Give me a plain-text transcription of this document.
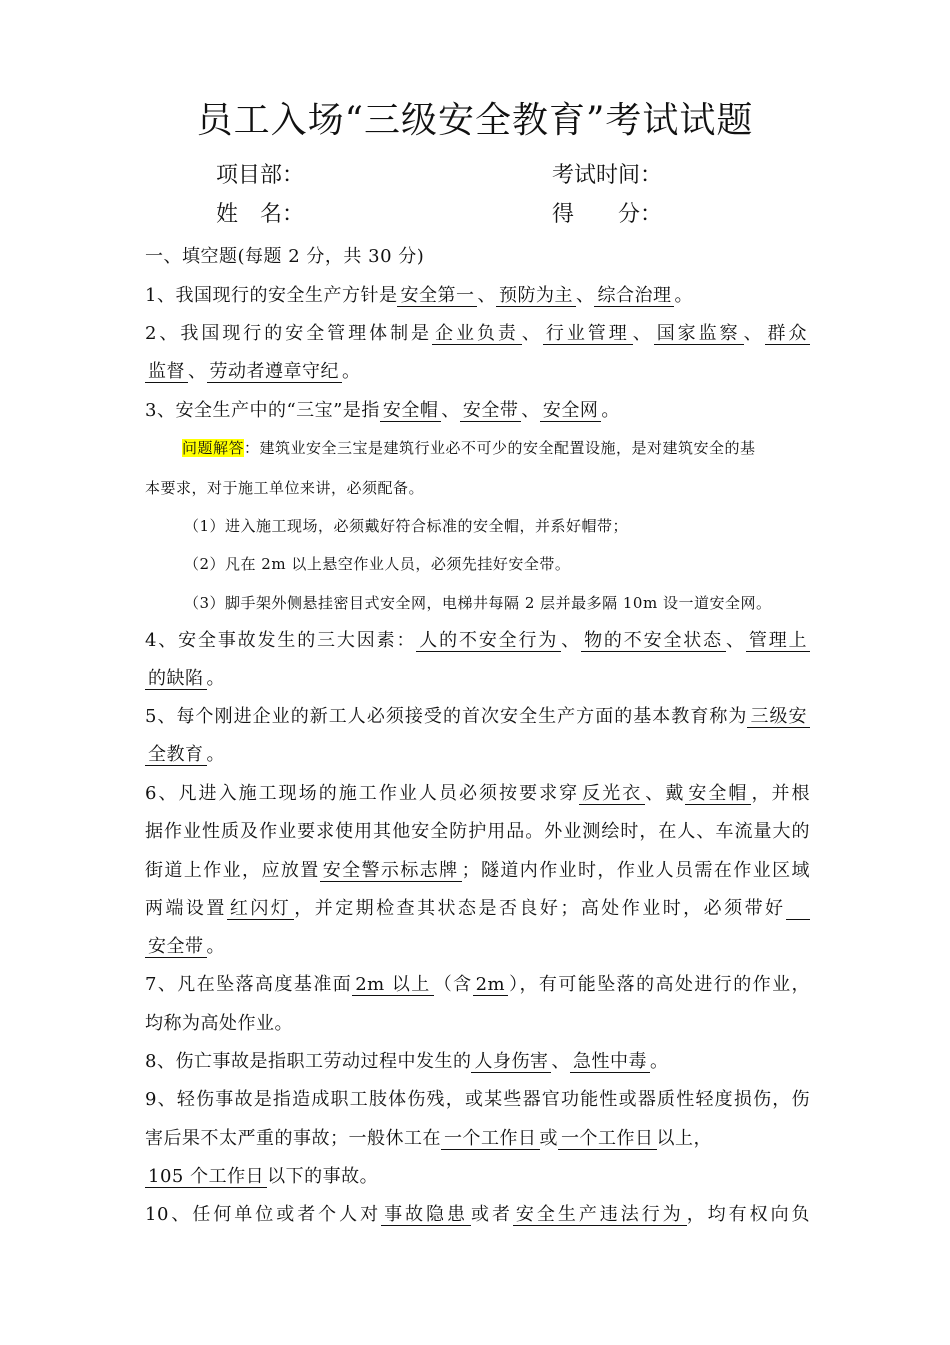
员工入场“三级安全教育”考试试题
项目部：	考试时间：
姓　名：	得　　分：
一、填空题(每题 2 分，共 30 分)
1、我国现行的安全生产方针是 安全第一 、 预防为主 、 综合治理 。
2、我国现行的安全管理体制是 企业负责 、 行业管理 、 国家监察 、 群众
监督 、 劳动者遵章守纪 。
3、安全生产中的“三宝”是指 安全帽 、 安全带 、 安全网 。
问题解答：建筑业安全三宝是建筑行业必不可少的安全配置设施，是对建筑安全的基
本要求，对于施工单位来讲，必须配备。
（1）进入施工现场，必须戴好符合标准的安全帽，并系好帽带；
（2）凡在 2m 以上悬空作业人员，必须先挂好安全带。
（3）脚手架外侧悬挂密目式安全网，电梯井每隔 2 层并最多隔 10m 设一道安全网。
4、安全事故发生的三大因素： 人的不安全行为 、 物的不安全状态 、 管理上
的缺陷 。
5、每个刚进企业的新工人必须接受的首次安全生产方面的基本教育称为 三级安
全教育 。
6、凡进入施工现场的施工作业人员必须按要求穿 反光衣 、戴 安全帽 ，并根
据作业性质及作业要求使用其他安全防护用品。外业测绘时，在人、车流量大的
街道上作业，应放置 安全警示标志牌 ；隧道内作业时，作业人员需在作业区域
两端设置 红闪灯 ，并定期检查其状态是否良好；高处作业时，必须带好 
安全带 。
7、凡在坠落高度基准面 2m 以上 （含 2m ），有可能坠落的高处进行的作业，
均称为高处作业。
8、伤亡事故是指职工劳动过程中发生的 人身伤害 、 急性中毒 。
9、轻伤事故是指造成职工肢体伤残，或某些器官功能性或器质性轻度损伤，伤
害后果不太严重的事故；一般休工在 一个工作日 或 一个工作日 以上，
105 个工作日 以下的事故。
10、任何单位或者个人对 事故隐患 或者 安全生产违法行为 ，均有权向负
